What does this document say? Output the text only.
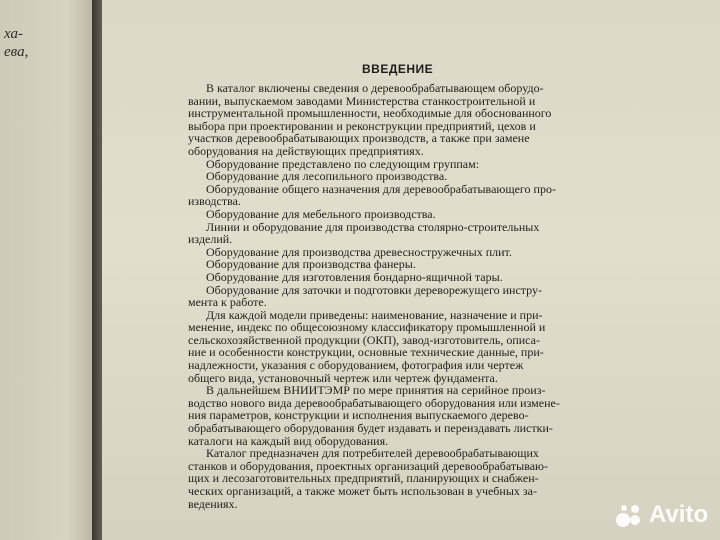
ха-
ева,
ВВЕДЕНИЕ
В каталог включены сведения о деревообрабатывающем оборудо-
вании, выпускаемом заводами Министерства станкостроительной и
инструментальной промышленности, необходимые для обоснованного
выбора при проектировании и реконструкции предприятий, цехов и
участков деревообрабатывающих производств, а также при замене
оборудования на действующих предприятиях.
Оборудование представлено по следующим группам:
Оборудование для лесопильного производства.
Оборудование общего назначения для деревообрабатывающего про-
изводства.
Оборудование для мебельного производства.
Линии и оборудование для производства столярно-строительных
изделий.
Оборудование для производства древесностружечных плит.
Оборудование для производства фанеры.
Оборудование для изготовления бондарно-ящичной тары.
Оборудование для заточки и подготовки дереворежущего инстру-
мента к работе.
Для каждой модели приведены: наименование, назначение и при-
менение, индекс по общесоюзному классификатору промышленной и
сельскохозяйственной продукции (ОКП), завод-изготовитель, описа-
ние и особенности конструкции, основные технические данные, при-
надлежности, указания с оборудованием, фотография или чертеж
общего вида, установочный чертеж или чертеж фундамента.
В дальнейшем ВНИИТЭМР по мере принятия на серийное произ-
водство нового вида деревообрабатывающего оборудования или измене-
ния параметров, конструкции и исполнения выпускаемого дерево-
обрабатывающего оборудования будет издавать и переиздавать листки-
каталоги на каждый вид оборудования.
Каталог предназначен для потребителей деревообрабатывающих
станков и оборудования, проектных организаций деревообрабатываю-
щих и лесозаготовительных предприятий, планирующих и снабжен-
ческих организаций, а также может быть использован в учебных за-
ведениях.	Avito
